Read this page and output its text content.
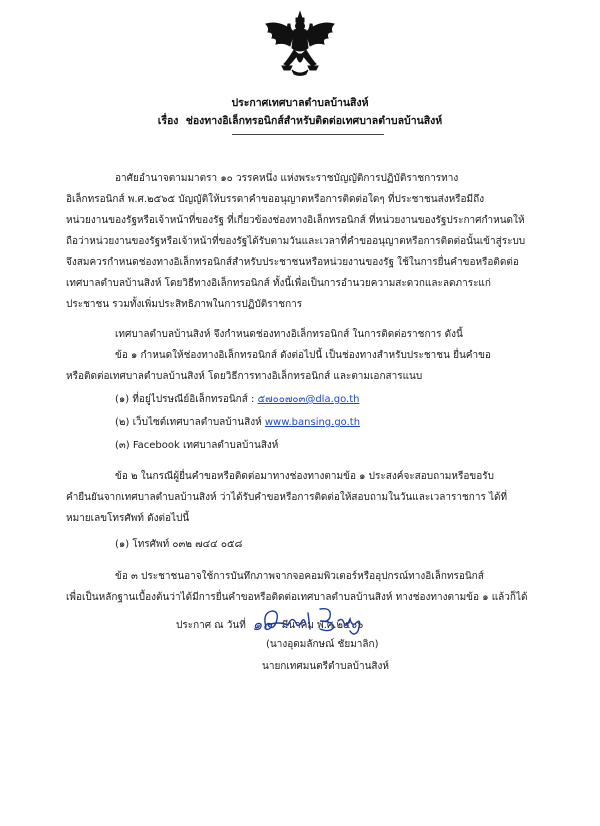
ประกาศเทศบาลตำบลบ้านสิงห์
เรื่อง ช่องทางอิเล็กทรอนิกส์สำหรับติดต่อเทศบาลตำบลบ้านสิงห์
อาศัยอำนาจตามมาตรา ๑๐ วรรคหนึ่ง แห่งพระราชบัญญัติการปฏิบัติราชการทาง
อิเล็กทรอนิกส์ พ.ศ.๒๕๖๕ บัญญัติให้บรรดาคำขออนุญาตหรือการติดต่อใดๆ ที่ประชาชนส่งหรือมีถึง
หน่วยงานของรัฐหรือเจ้าหน้าที่ของรัฐ ที่เกี่ยวข้องช่องทางอิเล็กทรอนิกส์ ที่หน่วยงานของรัฐประกาศกำหนดให้
ถือว่าหน่วยงานของรัฐหรือเจ้าหน้าที่ของรัฐได้รับตามวันและเวลาที่คำขออนุญาตหรือการติดต่อนั้นเข้าสู่ระบบ
จึงสมควรกำหนดช่องทางอิเล็กทรอนิกส์สำหรับประชาชนหรือหน่วยงานของรัฐ ใช้ในการยื่นคำขอหรือติดต่อ
เทศบาลตำบลบ้านสิงห์ โดยวิธีทางอิเล็กทรอนิกส์ ทั้งนี้เพื่อเป็นการอำนวยความสะดวกและลดภาระแก่
ประชาชน รวมทั้งเพิ่มประสิทธิภาพในการปฏิบัติราชการ
เทศบาลตำบลบ้านสิงห์ จึงกำหนดช่องทางอิเล็กทรอนิกส์ ในการติดต่อราชการ ดังนี้
ข้อ ๑ กำหนดให้ช่องทางอิเล็กทรอนิกส์ ดังต่อไปนี้ เป็นช่องทางสำหรับประชาชน ยื่นคำขอ
หรือติดต่อเทศบาลตำบลบ้านสิงห์ โดยวิธีการทางอิเล็กทรอนิกส์ และตามเอกสารแนบ
(๑) ที่อยู่ไปรษณีย์อิเล็กทรอนิกส์ : ๕๗๐๐๗๐๓@dla.go.th
(๒) เว็บไซต์เทศบาลตำบลบ้านสิงห์ www.bansing.go.th
(๓) Facebook เทศบาลตำบลบ้านสิงห์
ข้อ ๒ ในกรณีผู้ยื่นคำขอหรือติดต่อมาทางช่องทางตามข้อ ๑ ประสงค์จะสอบถามหรือขอรับ
คำยืนยันจากเทศบาลตำบลบ้านสิงห์ ว่าได้รับคำขอหรือการติดต่อให้สอบถามในวันและเวลาราชการ ได้ที่
หมายเลขโทรศัพท์ ดังต่อไปนี้
(๑) โทรศัพท์ ๐๓๒ ๗๔๔ ๐๕๘
ข้อ ๓ ประชาชนอาจใช้การบันทึกภาพจากจอคอมพิวเตอร์หรืออุปกรณ์ทางอิเล็กทรอนิกส์
เพื่อเป็นหลักฐานเบื้องต้นว่าได้มีการยื่นคำขอหรือติดต่อเทศบาลตำบลบ้านสิงห์ ทางช่องทางตามข้อ ๑ แล้วก็ได้
ประกาศ ณ วันที่ ๑๐ มีนาคม พ.ศ.๒๕๖๖
(นางอุดมลักษณ์ ชัยมาลิก)
นายกเทศมนตรีตำบลบ้านสิงห์
